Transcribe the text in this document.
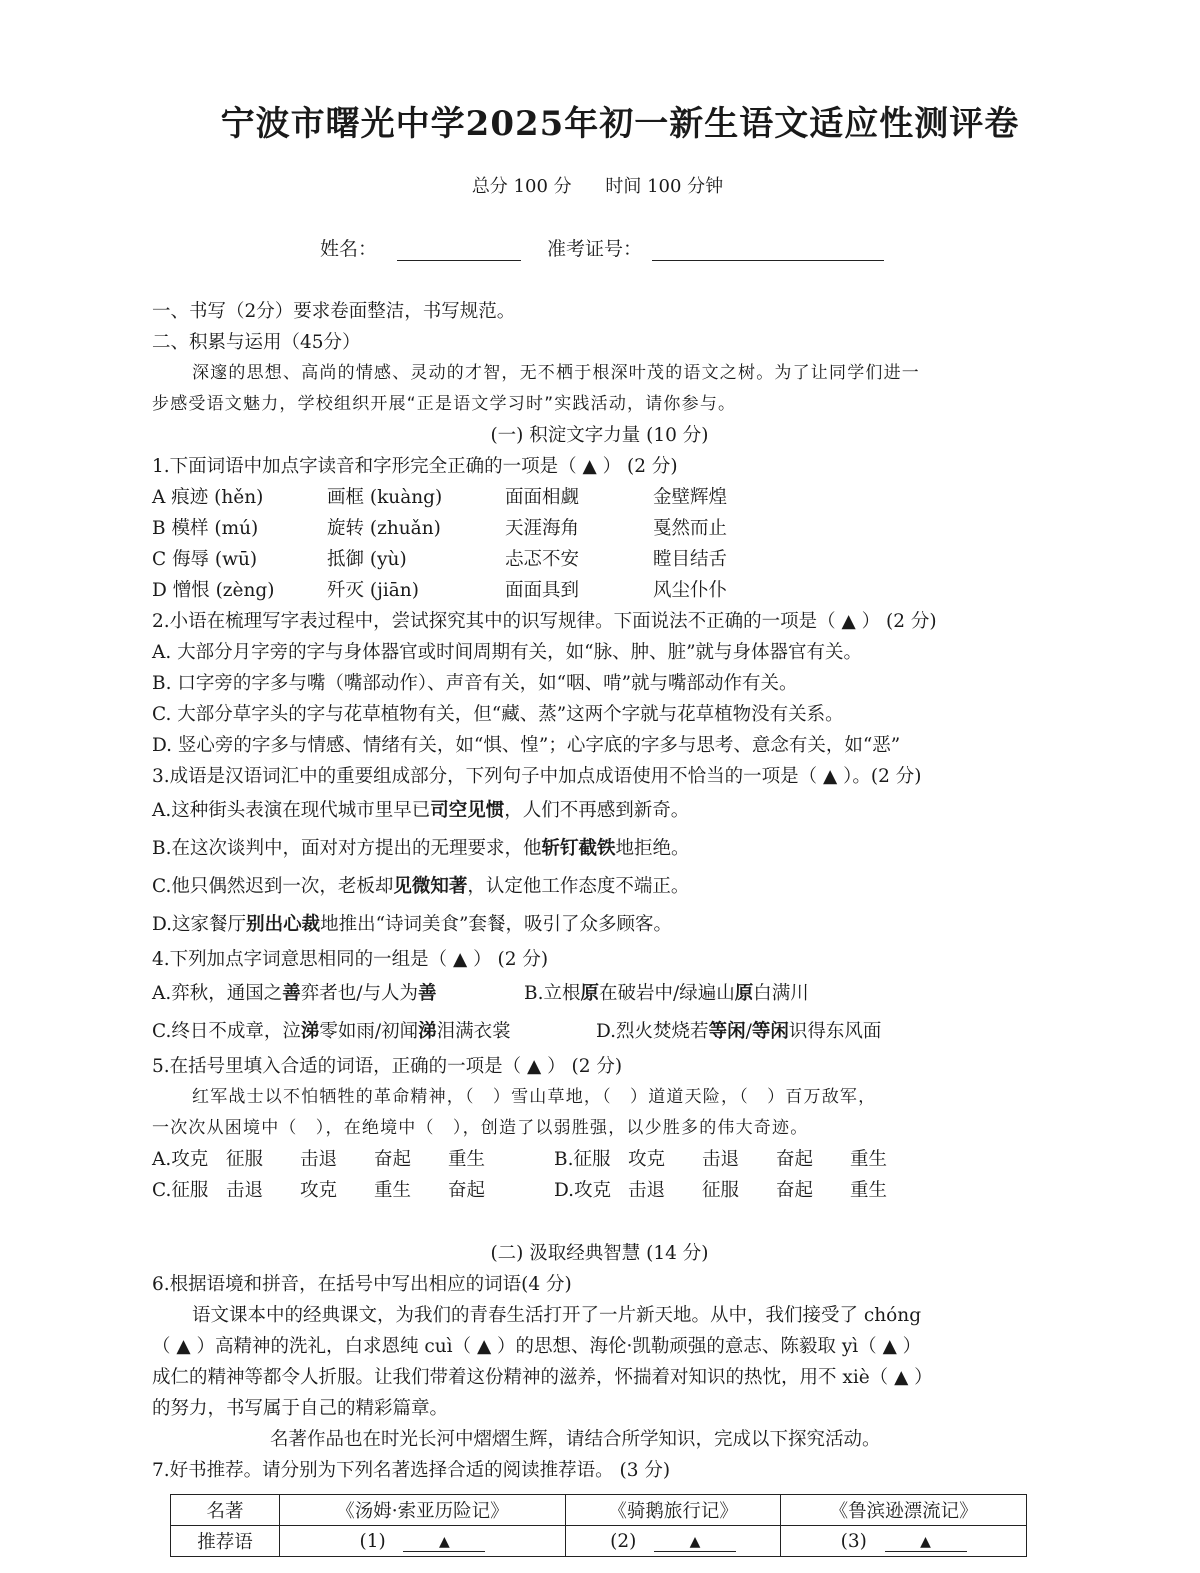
宁波市曙光中学2025年初一新生语文适应性测评卷
总分 100 分 时间 100 分钟
姓名：	准考证号：
一、书写（2分）要求卷面整洁，书写规范。
二、积累与运用（45分）
深邃的思想、高尚的情感、灵动的才智，无不栖于根深叶茂的语文之树。为了让同学们进一
步感受语文魅力，学校组织开展“正是语文学习时”实践活动，请你参与。
(一) 积淀文字力量 (10 分)
1.下面词语中加点字读音和字形完全正确的一项是（ ▲ ） (2 分)
A 痕迹 (hěn)	画框 (kuàng)	面面相觑	金壁辉煌
B 模样 (mú)	旋转 (zhuǎn)	天涯海角	戛然而止
C 侮辱 (wū)	抵御 (yù)	忐忑不安	瞠目结舌
D 憎恨 (zèng)	歼灭 (jiān)	面面具到	风尘仆仆
2.小语在梳理写字表过程中，尝试探究其中的识写规律。下面说法不正确的一项是（ ▲ ） (2 分)
A. 大部分月字旁的字与身体器官或时间周期有关，如“脉、肿、脏”就与身体器官有关。
B. 口字旁的字多与嘴（嘴部动作）、声音有关，如“咽、啃”就与嘴部动作有关。
C. 大部分草字头的字与花草植物有关，但“藏、蒸”这两个字就与花草植物没有关系。
D. 竖心旁的字多与情感、情绪有关，如“惧、惶”；心字底的字多与思考、意念有关，如“恶”
3.成语是汉语词汇中的重要组成部分，下列句子中加点成语使用不恰当的一项是（ ▲ ）。(2 分)
A.这种街头表演在现代城市里早已司空见惯，人们不再感到新奇。
B.在这次谈判中，面对对方提出的无理要求，他斩钉截铁地拒绝。
C.他只偶然迟到一次，老板却见微知著，认定他工作态度不端正。
D.这家餐厅别出心裁地推出“诗词美食”套餐，吸引了众多顾客。
4.下列加点字词意思相同的一组是（ ▲ ） (2 分)
A.弈秋，通国之善弈者也/与人为善	B.立根原在破岩中/绿遍山原白满川
C.终日不成章，泣涕零如雨/初闻涕泪满衣裳	D.烈火焚烧若等闲/等闲识得东风面
5.在括号里填入合适的词语，正确的一项是（ ▲ ） (2 分)
红军战士以不怕牺牲的革命精神，（　）雪山草地，（　）道道天险，（　）百万敌军，
一次次从困境中（　），在绝境中（　），创造了以弱胜强，以少胜多的伟大奇迹。
A.攻克 征服 击退 奋起 重生	B.征服 攻克 击退 奋起 重生
C.征服 击退 攻克 重生 奋起	D.攻克 击退 征服 奋起 重生
(二) 汲取经典智慧 (14 分)
6.根据语境和拼音，在括号中写出相应的词语(4 分)
语文课本中的经典课文，为我们的青春生活打开了一片新天地。从中，我们接受了 chóng
（ ▲ ）高精神的洗礼，白求恩纯 cuì（ ▲ ）的思想、海伦·凯勒顽强的意志、陈毅取 yì（ ▲ ）
成仁的精神等都令人折服。让我们带着这份精神的滋养，怀揣着对知识的热忱，用不 xiè（ ▲ ）
的努力，书写属于自己的精彩篇章。
名著作品也在时光长河中熠熠生辉，请结合所学知识，完成以下探究活动。
7.好书推荐。请分别为下列名著选择合适的阅读推荐语。 (3 分)
名著	《汤姆·索亚历险记》	《骑鹅旅行记》	《鲁滨逊漂流记》
推荐语	(1) ▲	(2) ▲	(3) ▲
